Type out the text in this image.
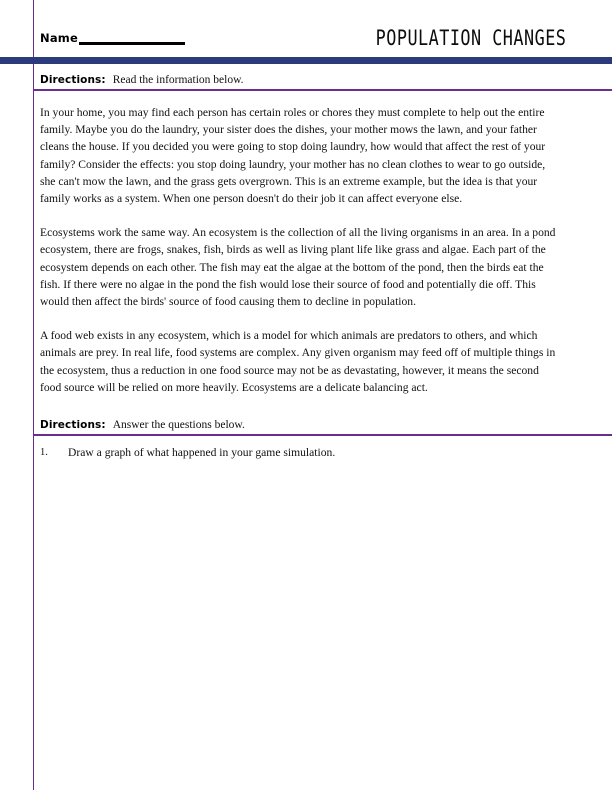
Name	POPULATION CHANGES
Directions: Read the information below.

In your home, you may find each person has certain roles or chores they must complete to help out the entire family. Maybe you do the laundry, your sister does the dishes, your mother mows the lawn, and your father cleans the house. If you decided you were going to stop doing laundry, how would that affect the rest of your family? Consider the effects: you stop doing laundry, your mother has no clean clothes to wear to go outside, she can't mow the lawn, and the grass gets overgrown. This is an extreme example, but the idea is that your family works as a system. When one person doesn't do their job it can affect everyone else.

Ecosystems work the same way. An ecosystem is the collection of all the living organisms in an area. In a pond ecosystem, there are frogs, snakes, fish, birds as well as living plant life like grass and algae. Each part of the ecosystem depends on each other. The fish may eat the algae at the bottom of the pond, then the birds eat the fish. If there were no algae in the pond the fish would lose their source of food and potentially die off. This would then affect the birds' source of food causing them to decline in population.

A food web exists in any ecosystem, which is a model for which animals are predators to others, and which animals are prey. In real life, food systems are complex. Any given organism may feed off of multiple things in the ecosystem, thus a reduction in one food source may not be as devastating, however, it means the second food source will be relied on more heavily. Ecosystems are a delicate balancing act.

Directions: Answer the questions below.
1.	Draw a graph of what happened in your game simulation.
